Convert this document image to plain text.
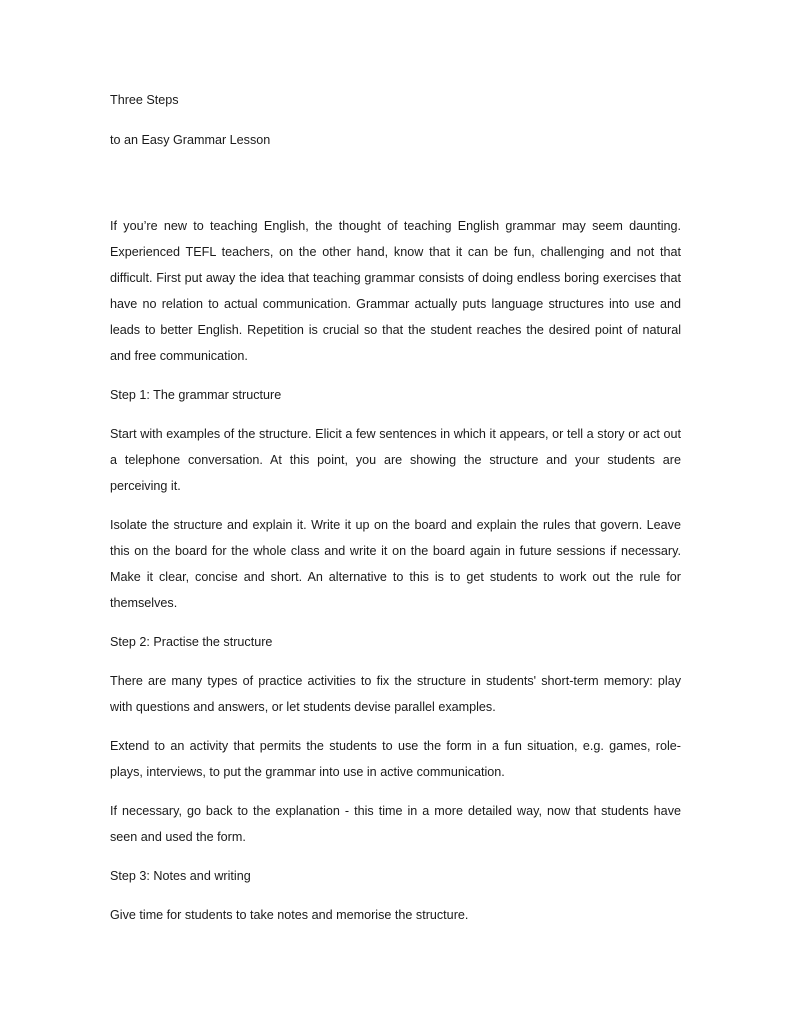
Three Steps
to an Easy Grammar Lesson

If you’re new to teaching English, the thought of teaching English grammar may seem daunting. Experienced TEFL teachers, on the other hand, know that it can be fun, challenging and not that difficult. First put away the idea that teaching grammar consists of doing endless boring exercises that have no relation to actual communication. Grammar actually puts language structures into use and leads to better English. Repetition is crucial so that the student reaches the desired point of natural and free communication.

Step 1: The grammar structure

Start with examples of the structure. Elicit a few sentences in which it appears, or tell a story or act out a telephone conversation. At this point, you are showing the structure and your students are perceiving it.

Isolate the structure and explain it. Write it up on the board and explain the rules that govern. Leave this on the board for the whole class and write it on the board again in future sessions if necessary. Make it clear, concise and short. An alternative to this is to get students to work out the rule for themselves.

Step 2: Practise the structure

There are many types of practice activities to fix the structure in students' short-term memory: play with questions and answers, or let students devise parallel examples.

Extend to an activity that permits the students to use the form in a fun situation, e.g. games, role-plays, interviews, to put the grammar into use in active communication.

If necessary, go back to the explanation - this time in a more detailed way, now that students have seen and used the form.

Step 3: Notes and writing

Give time for students to take notes and memorise the structure.
